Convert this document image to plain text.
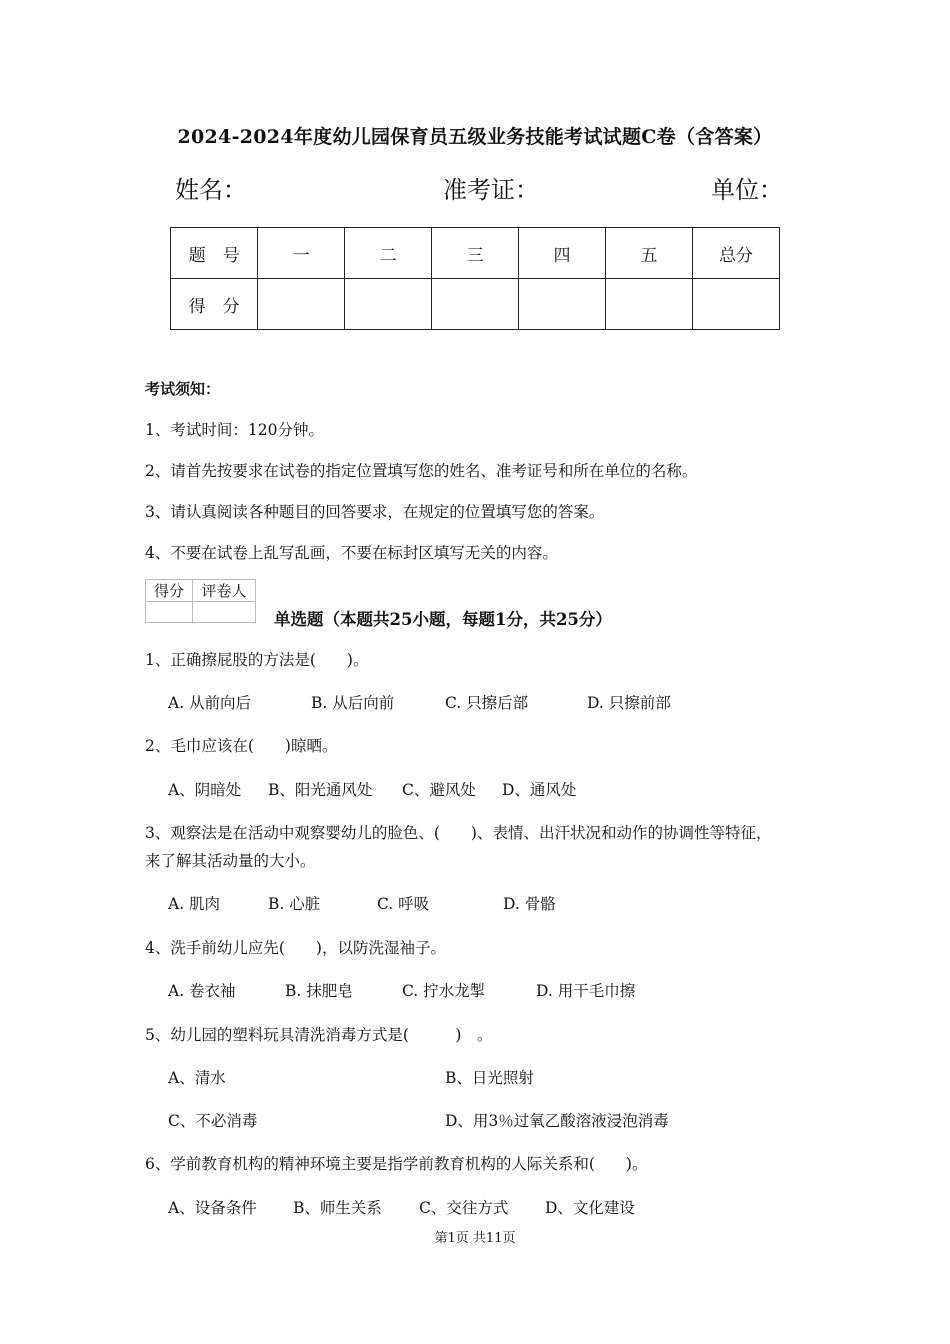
2024-2024年度幼儿园保育员五级业务技能考试试题C卷（含答案）
姓名：	准考证：	单位：
题　号	一	二	三	四	五	总分
得　分						
考试须知：
1、考试时间：120分钟。
2、请首先按要求在试卷的指定位置填写您的姓名、准考证号和所在单位的名称。
3、请认真阅读各种题目的回答要求，在规定的位置填写您的答案。
4、不要在试卷上乱写乱画，不要在标封区填写无关的内容。
得分	评卷人

单选题（本题共25小题，每题1分，共25分）
1、正确擦屁股的方法是(　　)。
A. 从前向后	B. 从后向前	C. 只擦后部	D. 只擦前部
2、毛巾应该在(　　)晾晒。
A、阴暗处 B、阳光通风处 C、避风处 D、通风处
3、观察法是在活动中观察婴幼儿的脸色、(　　)、表情、出汗状况和动作的协调性等特征，
来了解其活动量的大小。
A. 肌肉	B. 心脏	C. 呼吸	D. 骨骼
4、洗手前幼儿应先(　　)，以防洗湿袖子。
A. 卷衣袖	B. 抹肥皂	C. 拧水龙掣	D. 用干毛巾擦
5、幼儿园的塑料玩具清洗消毒方式是(　　　)　。
A、清水	B、日光照射
C、不必消毒	D、用3％过氧乙酸溶液浸泡消毒
6、学前教育机构的精神环境主要是指学前教育机构的人际关系和(　　)。
A、设备条件 B、师生关系 C、交往方式 D、文化建设
第1页 共11页
